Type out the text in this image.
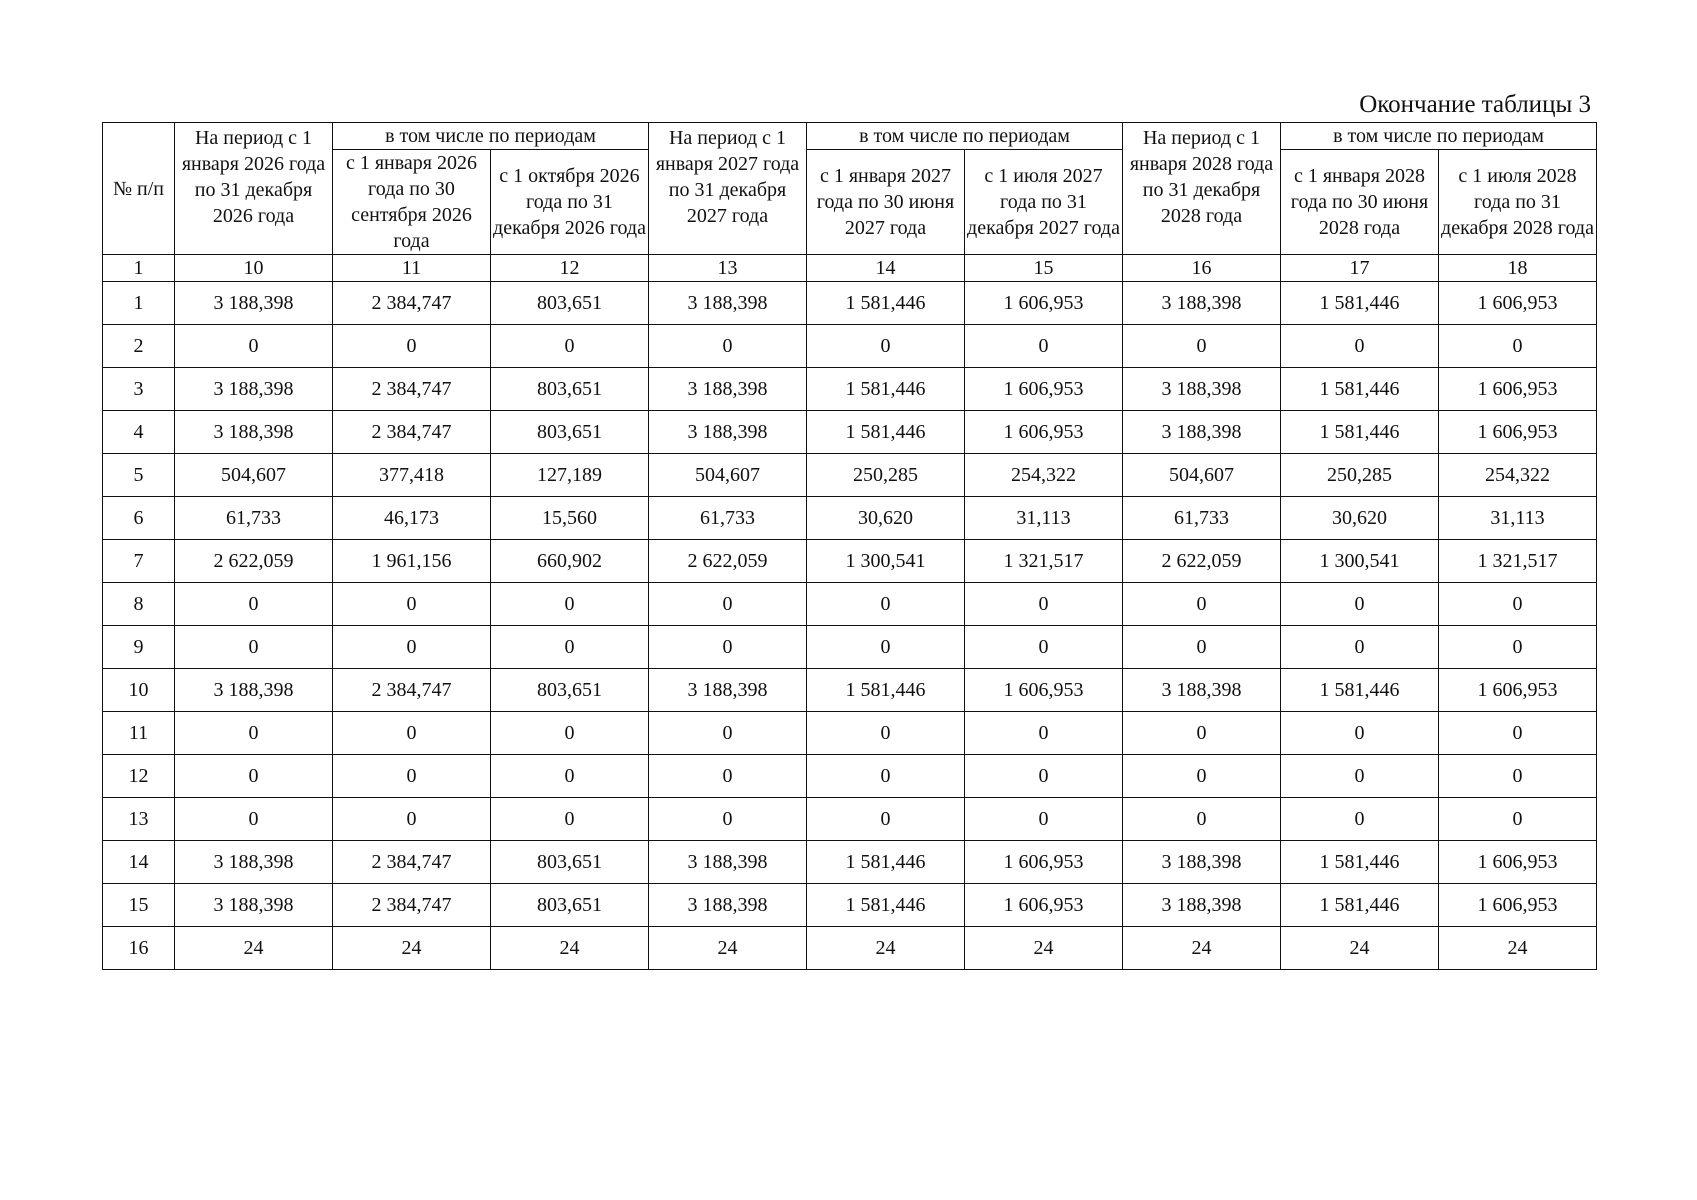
Окончание таблицы 3
№ п/п	На период с 1 января 2026 года по 31 декабря 2026 года	в том числе по периодам		На период с 1 января 2027 года по 31 декабря 2027 года	в том числе по периодам		На период с 1 января 2028 года по 31 декабря 2028 года	в том числе по периодам	
		с 1 января 2026 года по 30 сентября 2026 года	с 1 октября 2026 года по 31 декабря 2026 года		с 1 января 2027 года по 30 июня 2027 года	с 1 июля 2027 года по 31 декабря 2027 года		с 1 января 2028 года по 30 июня 2028 года	с 1 июля 2028 года по 31 декабря 2028 года
1	10	11	12	13	14	15	16	17	18
1	3 188,398	2 384,747	803,651	3 188,398	1 581,446	1 606,953	3 188,398	1 581,446	1 606,953
2	0	0	0	0	0	0	0	0	0
3	3 188,398	2 384,747	803,651	3 188,398	1 581,446	1 606,953	3 188,398	1 581,446	1 606,953
4	3 188,398	2 384,747	803,651	3 188,398	1 581,446	1 606,953	3 188,398	1 581,446	1 606,953
5	504,607	377,418	127,189	504,607	250,285	254,322	504,607	250,285	254,322
6	61,733	46,173	15,560	61,733	30,620	31,113	61,733	30,620	31,113
7	2 622,059	1 961,156	660,902	2 622,059	1 300,541	1 321,517	2 622,059	1 300,541	1 321,517
8	0	0	0	0	0	0	0	0	0
9	0	0	0	0	0	0	0	0	0
10	3 188,398	2 384,747	803,651	3 188,398	1 581,446	1 606,953	3 188,398	1 581,446	1 606,953
11	0	0	0	0	0	0	0	0	0
12	0	0	0	0	0	0	0	0	0
13	0	0	0	0	0	0	0	0	0
14	3 188,398	2 384,747	803,651	3 188,398	1 581,446	1 606,953	3 188,398	1 581,446	1 606,953
15	3 188,398	2 384,747	803,651	3 188,398	1 581,446	1 606,953	3 188,398	1 581,446	1 606,953
16	24	24	24	24	24	24	24	24	24
